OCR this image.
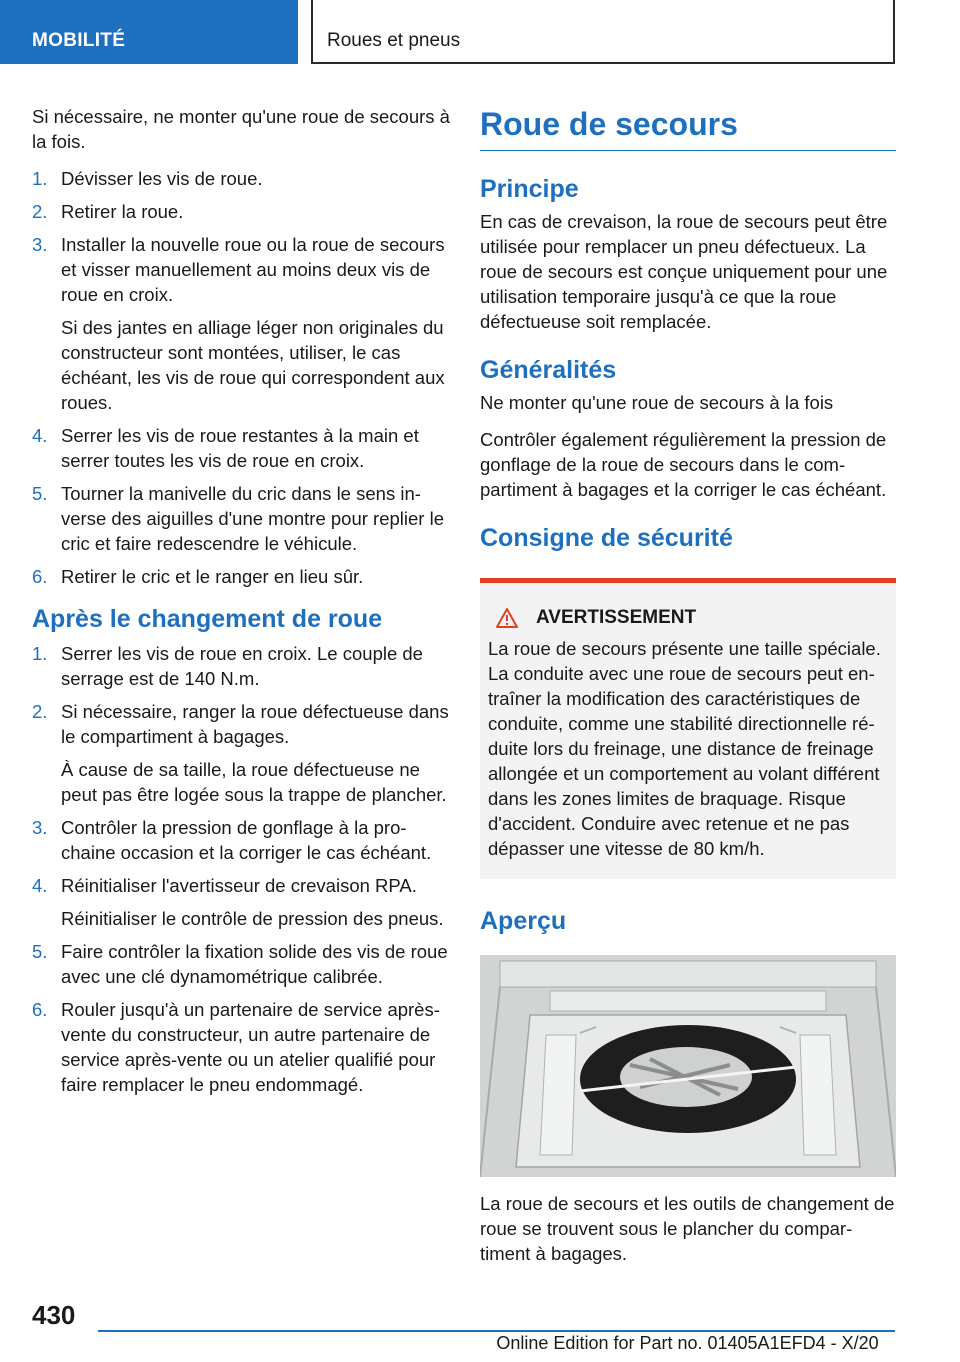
MOBILITÉ	Roues et pneus

Si nécessaire, ne monter qu'une roue de secours à la fois.

1. Dévisser les vis de roue.
2. Retirer la roue.
3. Installer la nouvelle roue ou la roue de secours et visser manuellement au moins deux vis de roue en croix.
Si des jantes en alliage léger non originales du constructeur sont montées, utiliser, le cas échéant, les vis de roue qui correspondent aux roues.
4. Serrer les vis de roue restantes à la main et serrer toutes les vis de roue en croix.
5. Tourner la manivelle du cric dans le sens inverse des aiguilles d'une montre pour replier le cric et faire redescendre le véhicule.
6. Retirer le cric et le ranger en lieu sûr.
Après le changement de roue
1. Serrer les vis de roue en croix. Le couple de serrage est de 140 N.m.
2. Si nécessaire, ranger la roue défectueuse dans le compartiment à bagages.
À cause de sa taille, la roue défectueuse ne peut pas être logée sous la trappe de plancher.
3. Contrôler la pression de gonflage à la prochaine occasion et la corriger le cas échéant.
4. Réinitialiser l'avertisseur de crevaison RPA.
Réinitialiser le contrôle de pression des pneus.
5. Faire contrôler la fixation solide des vis de roue avec une clé dynamométrique calibrée.
6. Rouler jusqu'à un partenaire de service après-vente du constructeur, un autre partenaire de service après-vente ou un atelier qualifié pour faire remplacer le pneu endommagé.
Roue de secours
Principe

En cas de crevaison, la roue de secours peut être utilisée pour remplacer un pneu défectueux. La roue de secours est conçue uniquement pour une utilisation temporaire jusqu'à ce que la roue défectueuse soit remplacée.

Généralités

Ne monter qu'une roue de secours à la fois

Contrôler également régulièrement la pression de gonflage de la roue de secours dans le compartiment à bagages et la corriger le cas échéant.

Consigne de sécurité
AVERTISSEMENT
La roue de secours présente une taille spéciale. La conduite avec une roue de secours peut entraîner la modification des caractéristiques de conduite, comme une stabilité directionnelle réduite lors du freinage, une distance de freinage allongée et un comportement au volant différent dans les zones limites de braquage. Risque d'accident. Conduire avec retenue et ne pas dépasser une vitesse de 80 km/h.
Aperçu

La roue de secours et les outils de changement de roue se trouvent sous le plancher du compartiment à bagages.

430
Online Edition for Part no. 01405A1EFD4 - X/20
